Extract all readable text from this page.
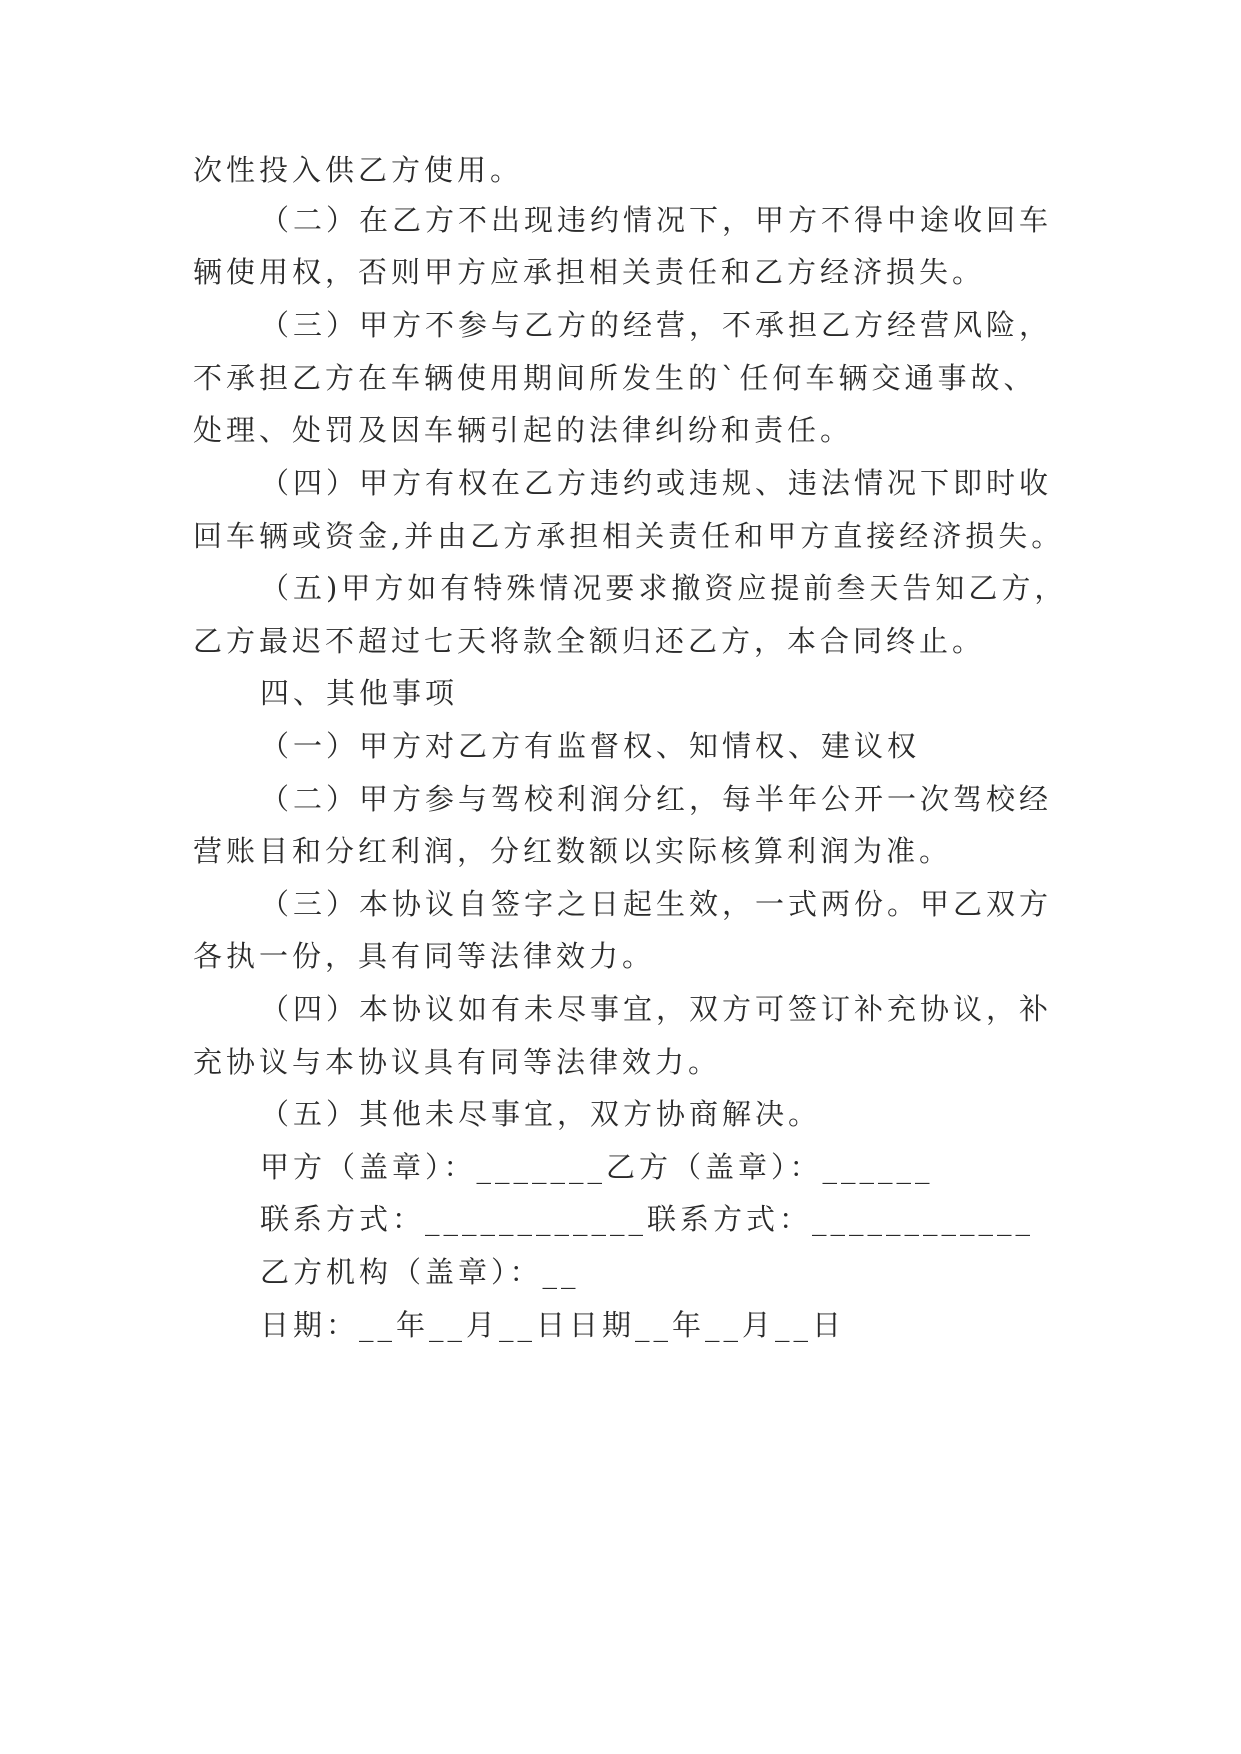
次性投入供乙方使用。

（二）在乙方不出现违约情况下，甲方不得中途收回车

辆使用权，否则甲方应承担相关责任和乙方经济损失。

（三）甲方不参与乙方的经营，不承担乙方经营风险，

不承担乙方在车辆使用期间所发生的`任何车辆交通事故、

处理、处罚及因车辆引起的法律纠纷和责任。

（四）甲方有权在乙方违约或违规、违法情况下即时收

回车辆或资金,并由乙方承担相关责任和甲方直接经济损失。

（五)甲方如有特殊情况要求撤资应提前叁天告知乙方，

乙方最迟不超过七天将款全额归还乙方，本合同终止。

四、其他事项

（一）甲方对乙方有监督权、知情权、建议权

（二）甲方参与驾校利润分红，每半年公开一次驾校经

营账目和分红利润，分红数额以实际核算利润为准。

（三）本协议自签字之日起生效，一式两份。甲乙双方

各执一份，具有同等法律效力。

（四）本协议如有未尽事宜，双方可签订补充协议，补

充协议与本协议具有同等法律效力。

（五）其他未尽事宜，双方协商解决。

甲方（盖章）：_______乙方（盖章）：______

联系方式：____________联系方式：____________

乙方机构（盖章）：__

日期：__年__月__日日期__年__月__日
